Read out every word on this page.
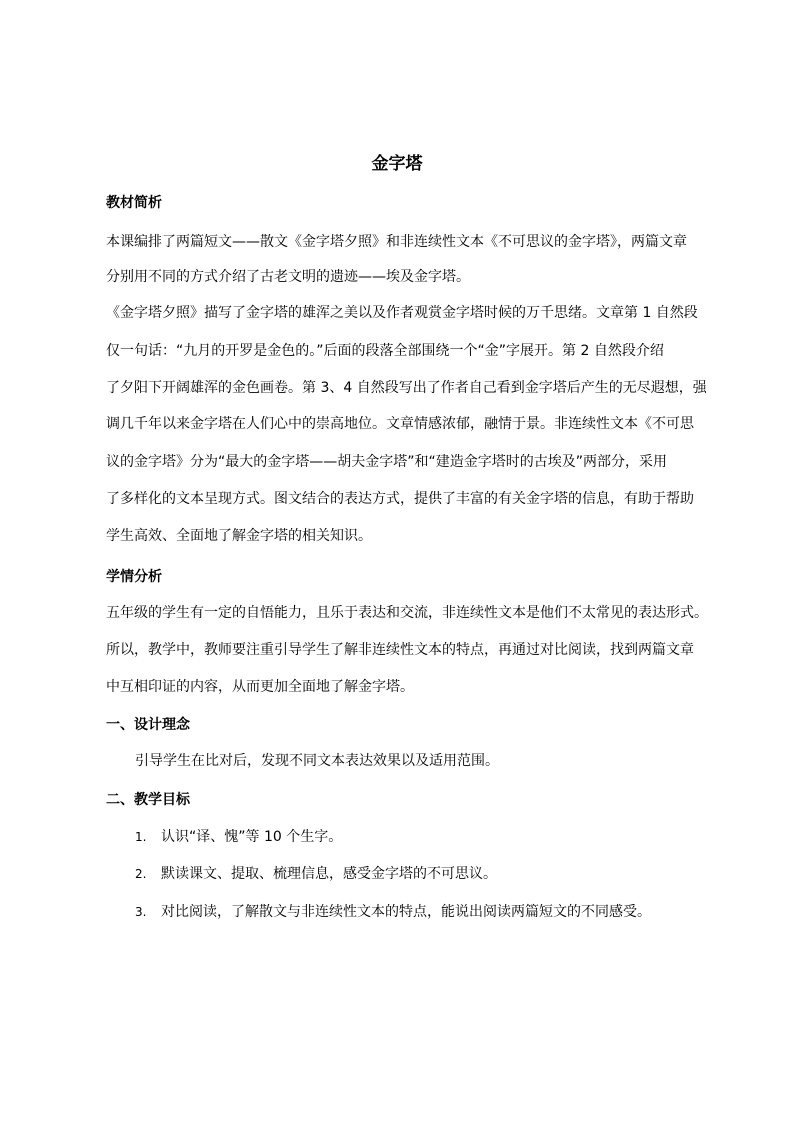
金字塔

教材简析

本课编排了两篇短文——散文《金字塔夕照》和非连续性文本《不可思议的金字塔》，两篇文章

分别用不同的方式介绍了古老文明的遗迹——埃及金字塔。

《金字塔夕照》描写了金字塔的雄浑之美以及作者观赏金字塔时候的万千思绪。文章第 1 自然段

仅一句话：“九月的开罗是金色的。”后面的段落全部围绕一个“金”字展开。第 2 自然段介绍

了夕阳下开阔雄浑的金色画卷。第 3、4 自然段写出了作者自己看到金字塔后产生的无尽遐想，强

调几千年以来金字塔在人们心中的崇高地位。文章情感浓郁，融情于景。非连续性文本《不可思

议的金字塔》分为“最大的金字塔——胡夫金字塔”和“建造金字塔时的古埃及”两部分，采用

了多样化的文本呈现方式。图文结合的表达方式，提供了丰富的有关金字塔的信息，有助于帮助

学生高效、全面地了解金字塔的相关知识。

学情分析

五年级的学生有一定的自悟能力，且乐于表达和交流，非连续性文本是他们不太常见的表达形式。

所以，教学中，教师要注重引导学生了解非连续性文本的特点，再通过对比阅读，找到两篇文章

中互相印证的内容，从而更加全面地了解金字塔。

一、设计理念

引导学生在比对后，发现不同文本表达效果以及适用范围。

二、教学目标

1. 认识“译、愧”等 10 个生字。

2. 默读课文、提取、梳理信息，感受金字塔的不可思议。

3. 对比阅读，了解散文与非连续性文本的特点，能说出阅读两篇短文的不同感受。
